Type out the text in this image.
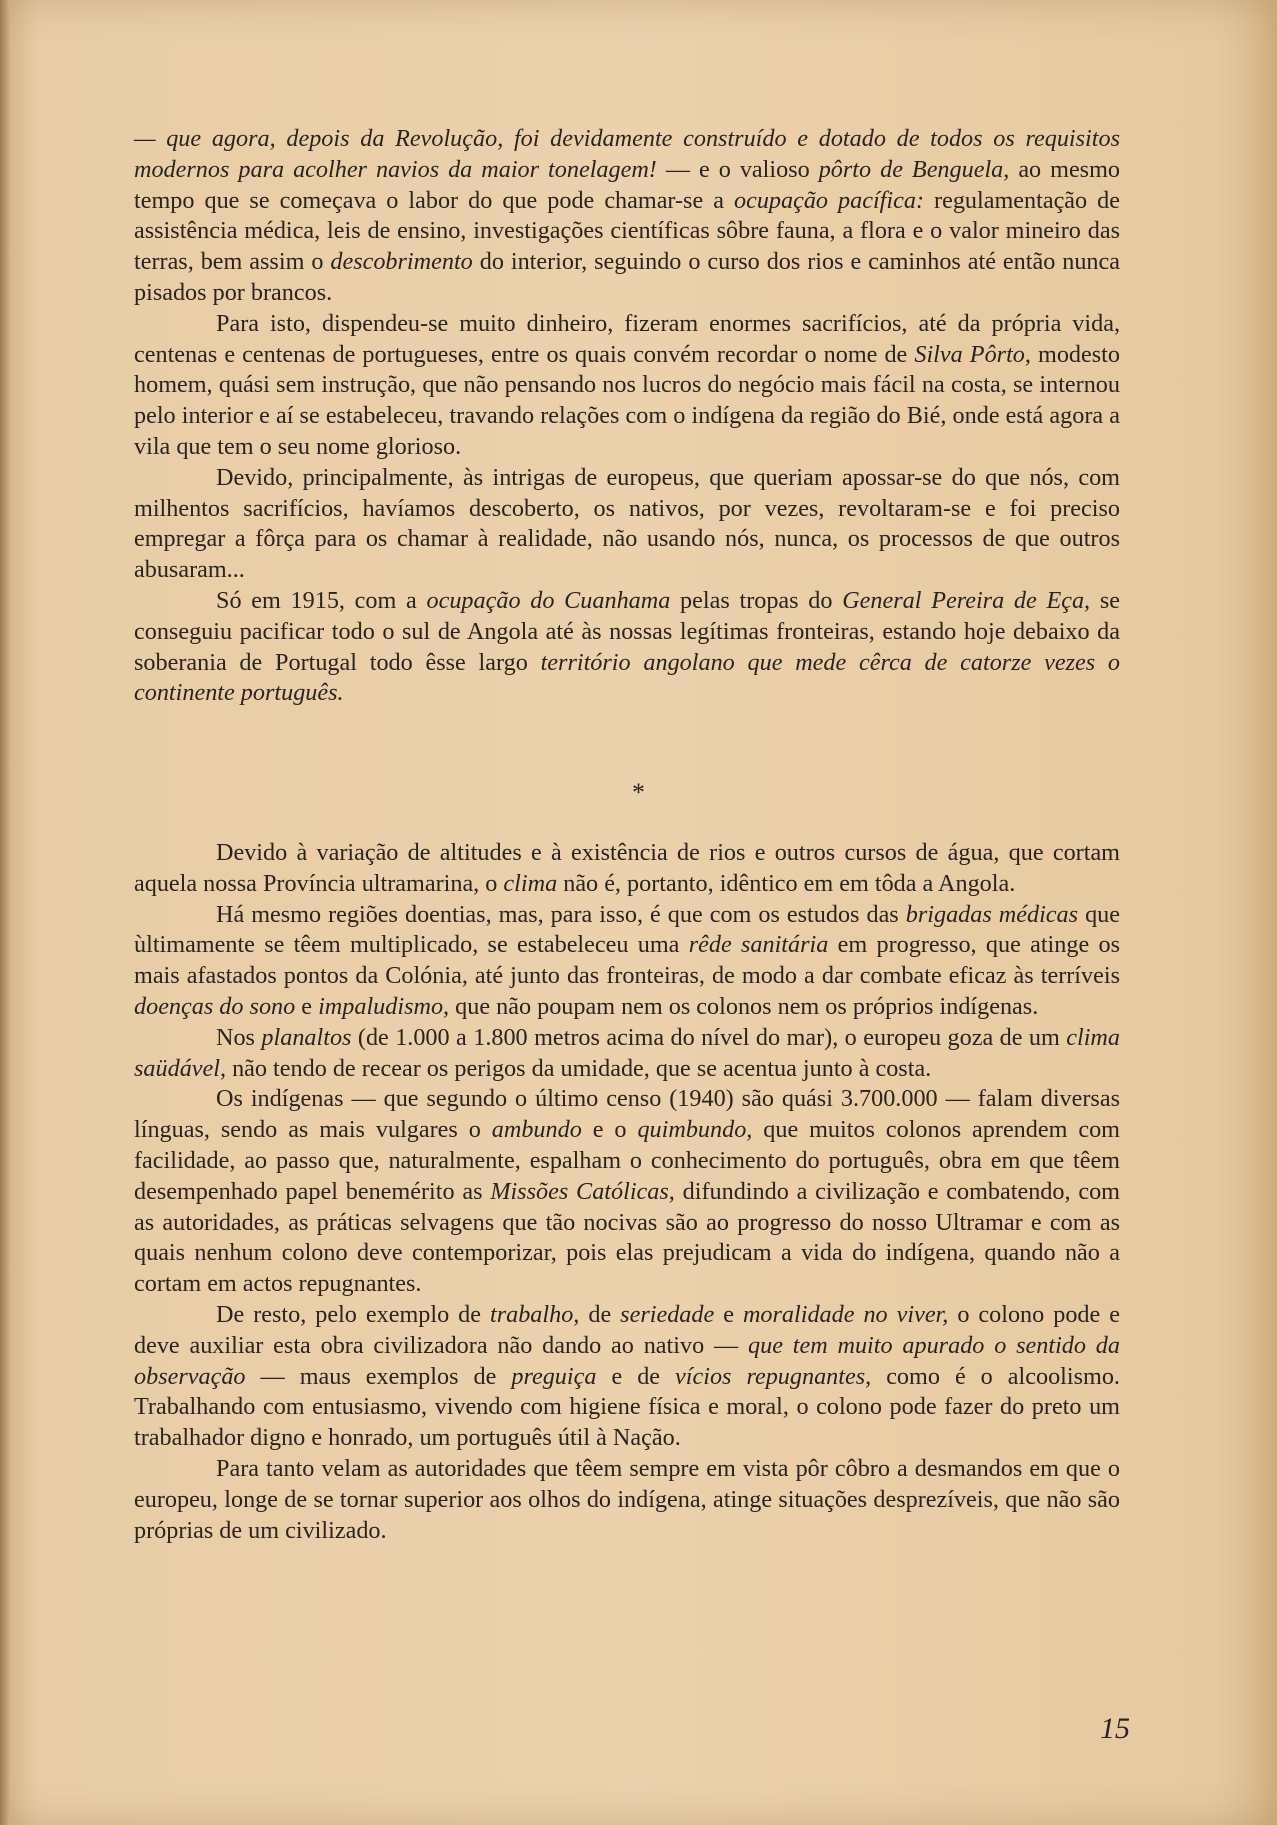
— que agora, depois da Revolução, foi devidamente construído e dotado de todos os requisitos modernos para acolher navios da maior tonelagem! — e o valioso pôrto de Benguela, ao mesmo tempo que se começava o labor do que pode chamar-se a ocupação pacífica: regulamentação de assistência médica, leis de ensino, investigações científicas sôbre fauna, a flora e o valor mineiro das terras, bem assim o descobrimento do interior, seguindo o curso dos rios e caminhos até então nunca pisados por brancos.

Para isto, dispendeu-se muito dinheiro, fizeram enormes sacrifícios, até da própria vida, centenas e centenas de portugueses, entre os quais convém recordar o nome de Silva Pôrto, modesto homem, quási sem instrução, que não pensando nos lucros do negócio mais fácil na costa, se internou pelo interior e aí se estabeleceu, travando relações com o indígena da região do Bié, onde está agora a vila que tem o seu nome glorioso.

Devido, principalmente, às intrigas de europeus, que queriam apossar-se do que nós, com milhentos sacrifícios, havíamos descoberto, os nativos, por vezes, revoltaram-se e foi preciso empregar a fôrça para os chamar à realidade, não usando nós, nunca, os processos de que outros abusaram...

Só em 1915, com a ocupação do Cuanhama pelas tropas do General Pereira de Eça, se conseguiu pacificar todo o sul de Angola até às nossas legítimas fronteiras, estando hoje debaixo da soberania de Portugal todo êsse largo território angolano que mede cêrca de catorze vezes o continente português.

*

Devido à variação de altitudes e à existência de rios e outros cursos de água, que cortam aquela nossa Província ultramarina, o clima não é, portanto, idêntico em em tôda a Angola.

Há mesmo regiões doentias, mas, para isso, é que com os estudos das brigadas médicas que ùltimamente se têem multiplicado, se estabeleceu uma rêde sanitária em progresso, que atinge os mais afastados pontos da Colónia, até junto das fronteiras, de modo a dar combate eficaz às terríveis doenças do sono e impaludismo, que não poupam nem os colonos nem os próprios indígenas.

Nos planaltos (de 1.000 a 1.800 metros acima do nível do mar), o europeu goza de um clima saüdável, não tendo de recear os perigos da umidade, que se acentua junto à costa.

Os indígenas — que segundo o último censo (1940) são quási 3.700.000 — falam diversas línguas, sendo as mais vulgares o ambundo e o quimbundo, que muitos colonos aprendem com facilidade, ao passo que, naturalmente, espalham o conhecimento do português, obra em que têem desempenhado papel benemérito as Missões Católicas, difundindo a civilização e combatendo, com as autoridades, as práticas selvagens que tão nocivas são ao progresso do nosso Ultramar e com as quais nenhum colono deve contemporizar, pois elas prejudicam a vida do indígena, quando não a cortam em actos repugnantes.

De resto, pelo exemplo de trabalho, de seriedade e moralidade no viver, o colono pode e deve auxiliar esta obra civilizadora não dando ao nativo — que tem muito apurado o sentido da observação — maus exemplos de preguiça e de vícios repugnantes, como é o alcoolismo. Trabalhando com entusiasmo, vivendo com higiene física e moral, o colono pode fazer do preto um trabalhador digno e honrado, um português útil à Nação.

Para tanto velam as autoridades que têem sempre em vista pôr côbro a desmandos em que o europeu, longe de se tornar superior aos olhos do indígena, atinge situações desprezíveis, que não são próprias de um civilizado.

15
